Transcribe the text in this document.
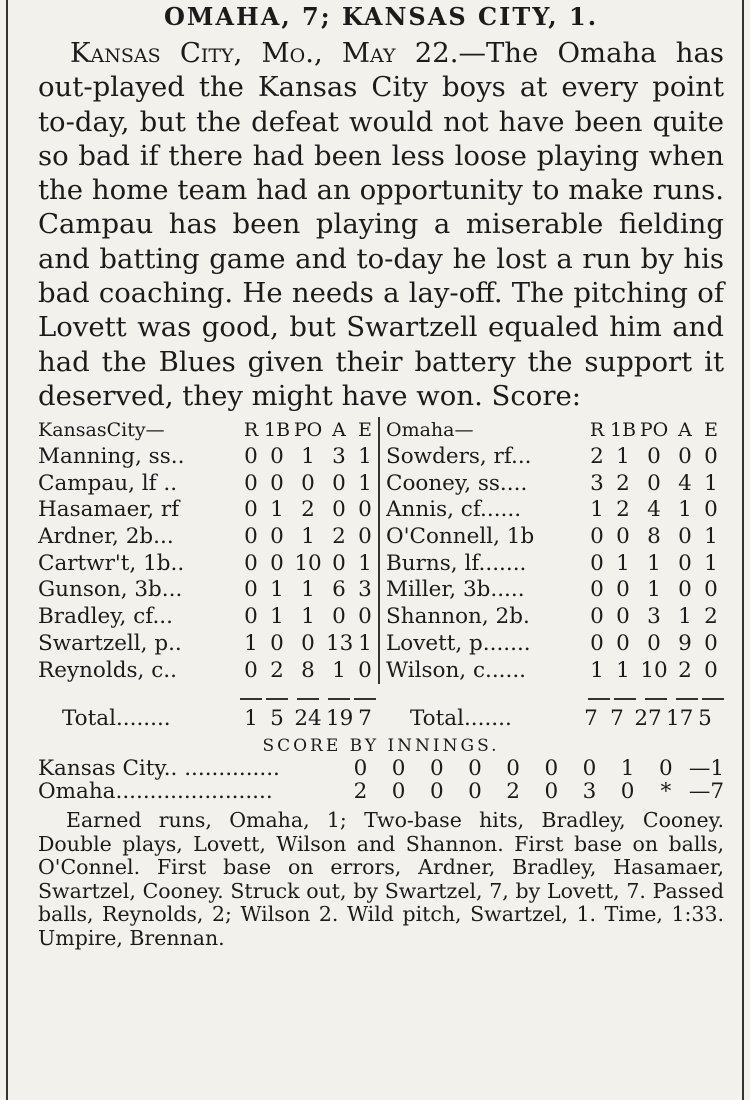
OMAHA, 7; KANSAS CITY, 1.

Kansas City, Mo., May 22.—The Omaha has out-played the Kansas City boys at every point to-day, but the defeat would not have been quite so bad if there had been less loose playing when the home team had an opportunity to make runs. Campau has been playing a miserable fielding and batting game and to-day he lost a run by his bad coaching. He needs a lay-off. The pitching of Lovett was good, but Swartzell equaled him and had the Blues given their battery the support it deserved, they might have won. Score:

KansasCity—	R 1B PO A E
Manning, ss..	0 0 1 3 1
Campau, lf ..	0 0 0 0 1
Hasamaer, rf	0 1 2 0 0
Ardner, 2b...	0 0 1 2 0
Cartwr't, 1b..	0 0 10 0 1
Gunson, 3b...	0 1 1 6 3
Bradley, cf...	0 1 1 0 0
Swartzell, p..	1 0 0 13 1
Reynolds, c..	0 2 8 1 0
Omaha—	R 1B PO A E
Sowders, rf...	2 1 0 0 0
Cooney, ss....	3 2 0 4 1
Annis, cf......	1 2 4 1 0
O'Connell, 1b	0 0 8 0 1
Burns, lf.......	0 1 1 0 1
Miller, 3b.....	0 0 1 0 0
Shannon, 2b.	0 0 3 1 2
Lovett, p.......	0 0 0 9 0
Wilson, c......	1 1 10 2 0
Total........	1 5 24 19 7	Total.......	7 7 27 17 5
SCORE BY INNINGS.
Kansas City.. ..............	0	0	0	0	0	0	0	1	0 —1
Omaha.......................	2	0	0	0	2	0	3	0	* —7

Earned runs, Omaha, 1; Two-base hits, Bradley, Cooney. Double plays, Lovett, Wilson and Shannon. First base on balls, O'Connel. First base on errors, Ardner, Bradley, Hasamaer, Swartzel, Cooney. Struck out, by Swartzel, 7, by Lovett, 7. Passed balls, Reynolds, 2; Wilson 2. Wild pitch, Swartzel, 1. Time, 1:33. Umpire, Brennan.
